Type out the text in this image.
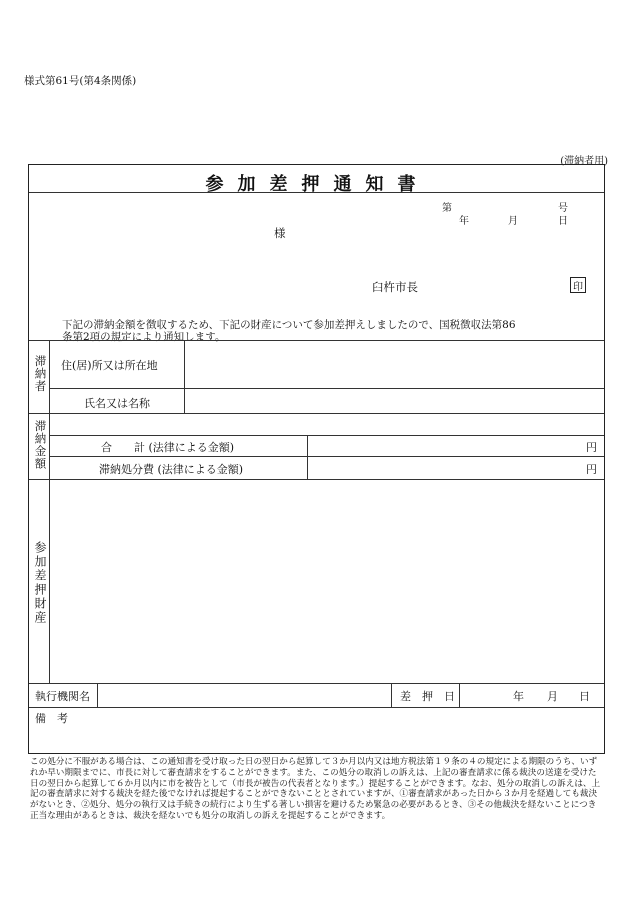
様式第61号(第4条関係)
(滞納者用)
参加差押通知書
第	号
年	月	日
様
臼杵市長	印
下記の滞納金額を徴収するため、下記の財産について参加差押えしましたので、国税徴収法第86条第2項の規定により通知します。
滞納者 住(居)所又は所在地
氏名又は名称
滞納金額	合　　計 (法律による金額)	円
滞納処分費 (法律による金額)	円
参加差押財産
執行機関名	差　押　日	年 月 日
備　考
この処分に不服がある場合は、この通知書を受け取った日の翌日から起算して３か月以内又は地方税法第１９条の４の規定による期限のうち、いずれか早い期限までに、市長に対して審査請求をすることができます。また、この処分の取消しの訴えは、上記の審査請求に係る裁決の送達を受けた日の翌日から起算して６か月以内に市を被告として（市長が被告の代表者となります。）提起することができます。なお、処分の取消しの訴えは、上記の審査請求に対する裁決を経た後でなければ提起することができないこととされていますが、①審査請求があった日から３か月を経過しても裁決がないとき、②処分、処分の執行又は手続きの続行により生ずる著しい損害を避けるため緊急の必要があるとき、③その他裁決を経ないことにつき正当な理由があるときは、裁決を経ないでも処分の取消しの訴えを提起することができます。
